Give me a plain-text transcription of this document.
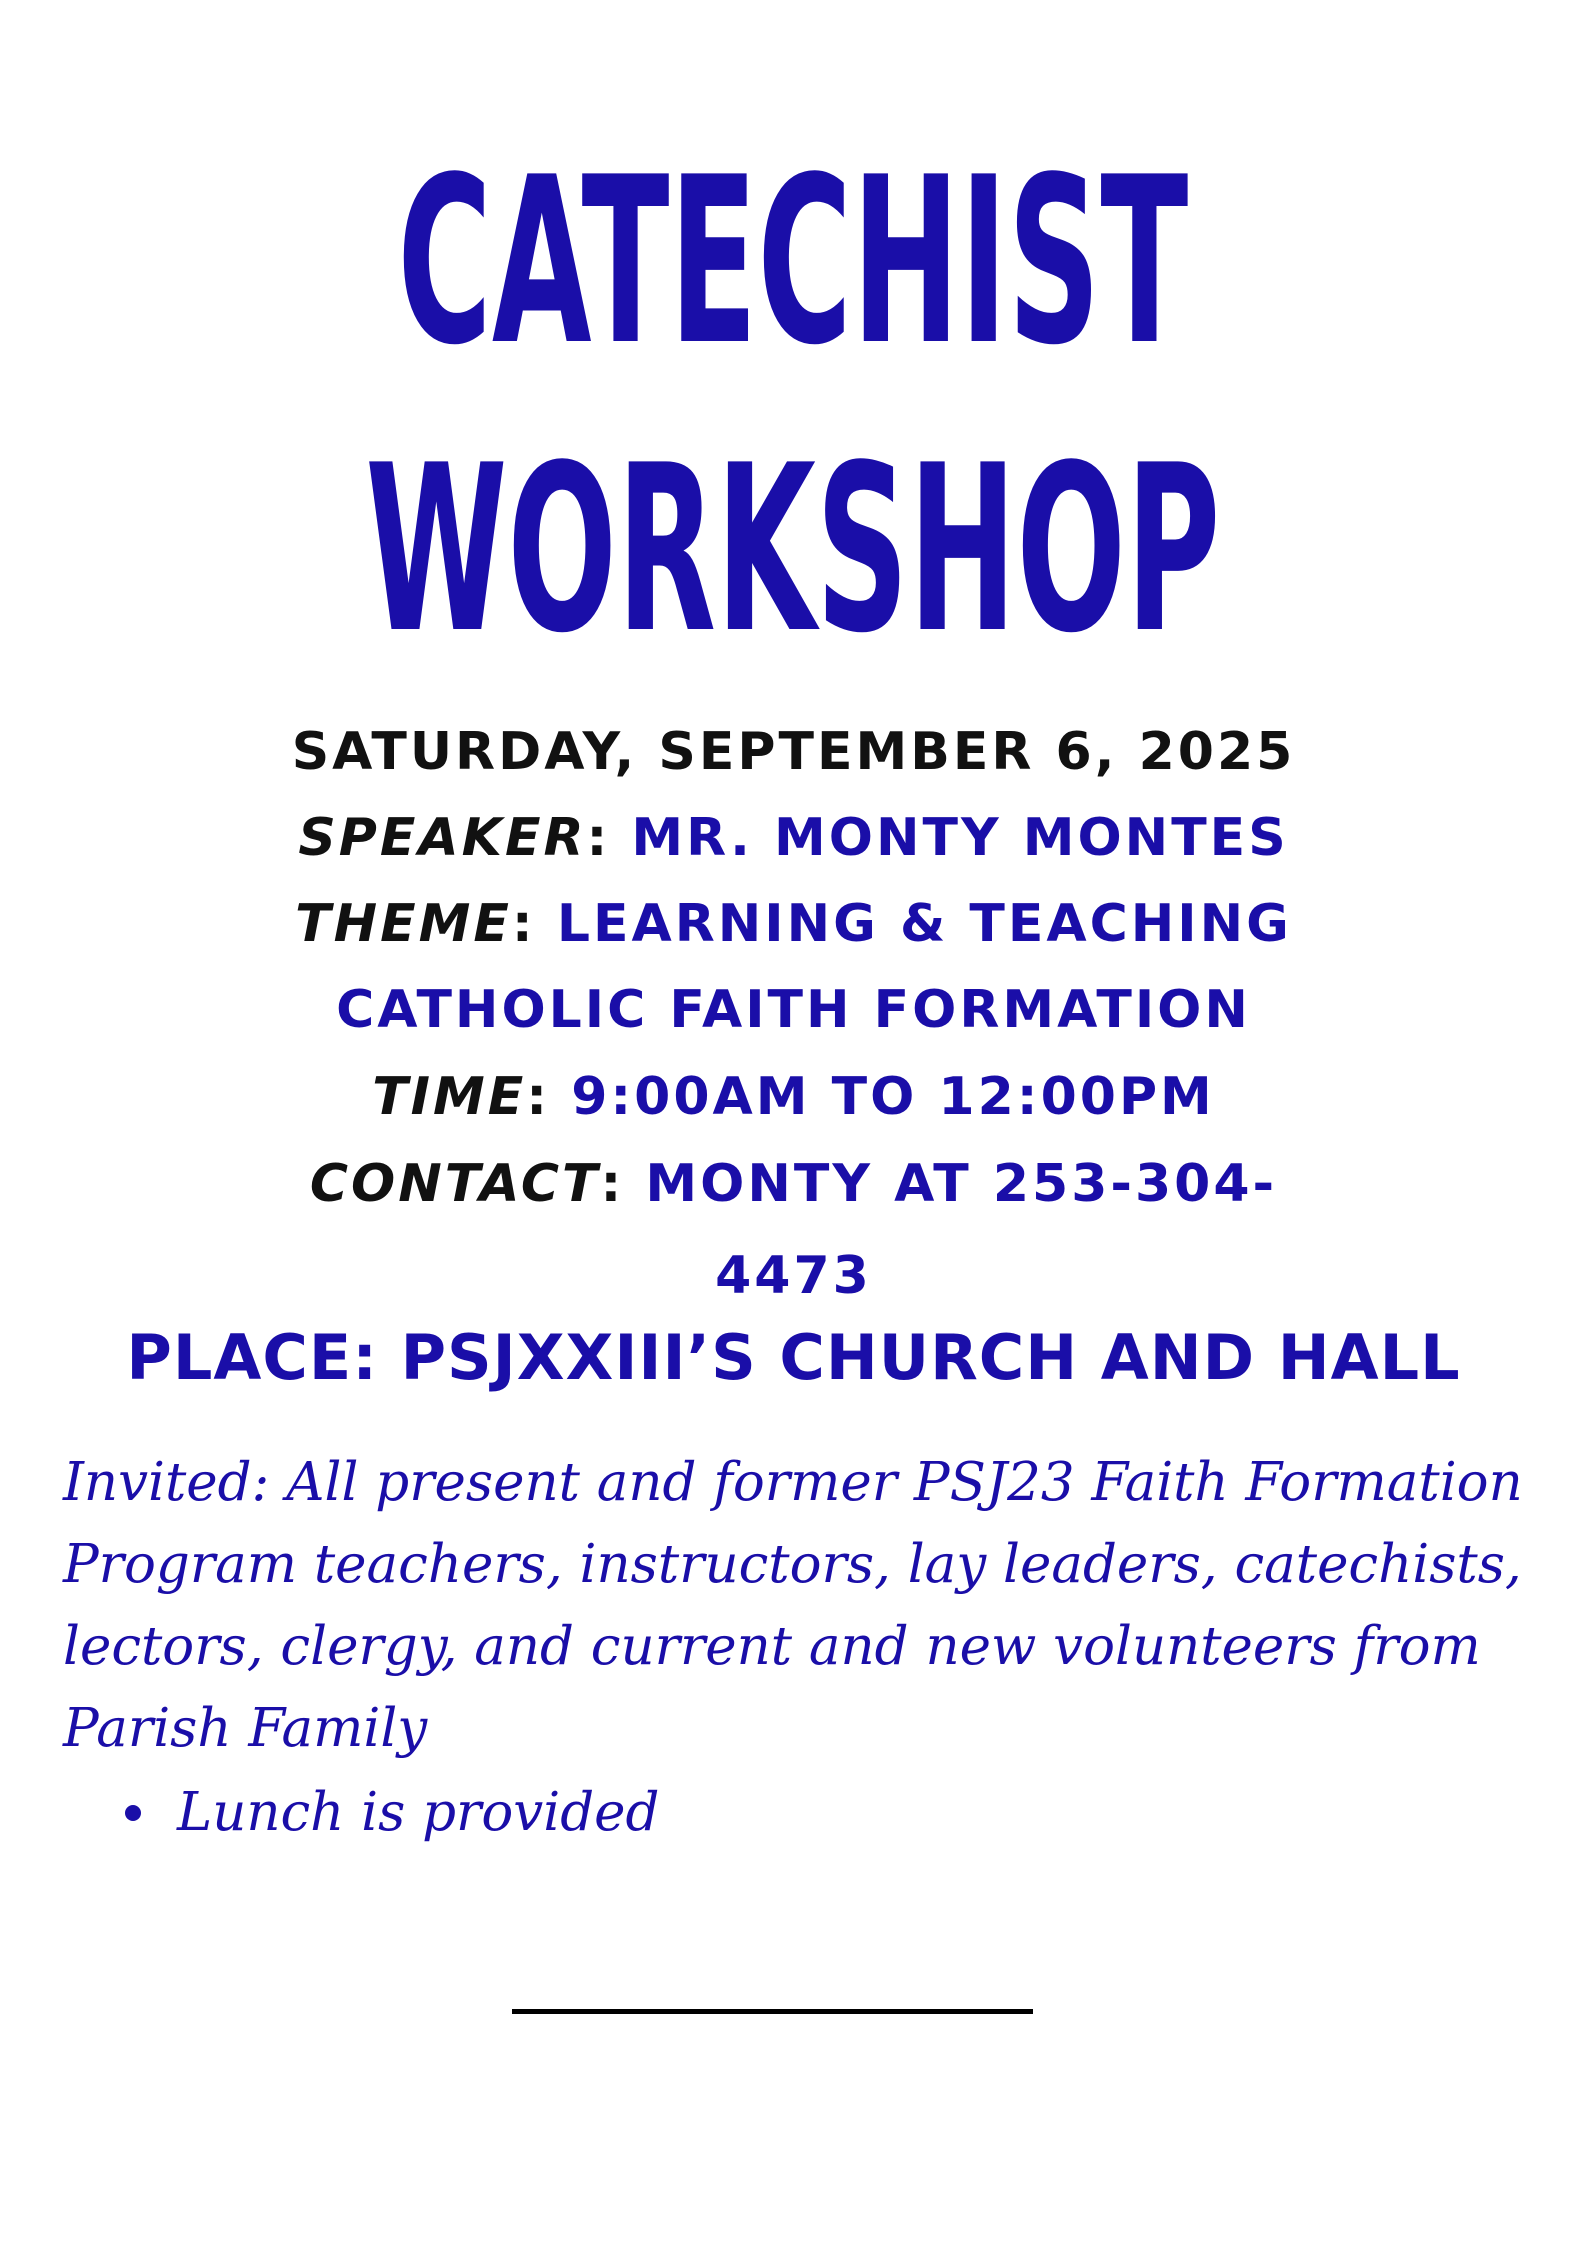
CATECHIST
WORKSHOP
SATURDAY, SEPTEMBER 6, 2025
SPEAKER: MR. MONTY MONTES
THEME: LEARNING & TEACHING
CATHOLIC FAITH FORMATION
TIME: 9:00AM TO 12:00PM
CONTACT: MONTY AT 253-304-
4473
PLACE: PSJXXIII’S CHURCH AND HALL
Invited: All present and former PSJ23 Faith Formation Program teachers, instructors, lay leaders, catechists, lectors, clergy, and current and new volunteers from Parish Family
Lunch is provided
